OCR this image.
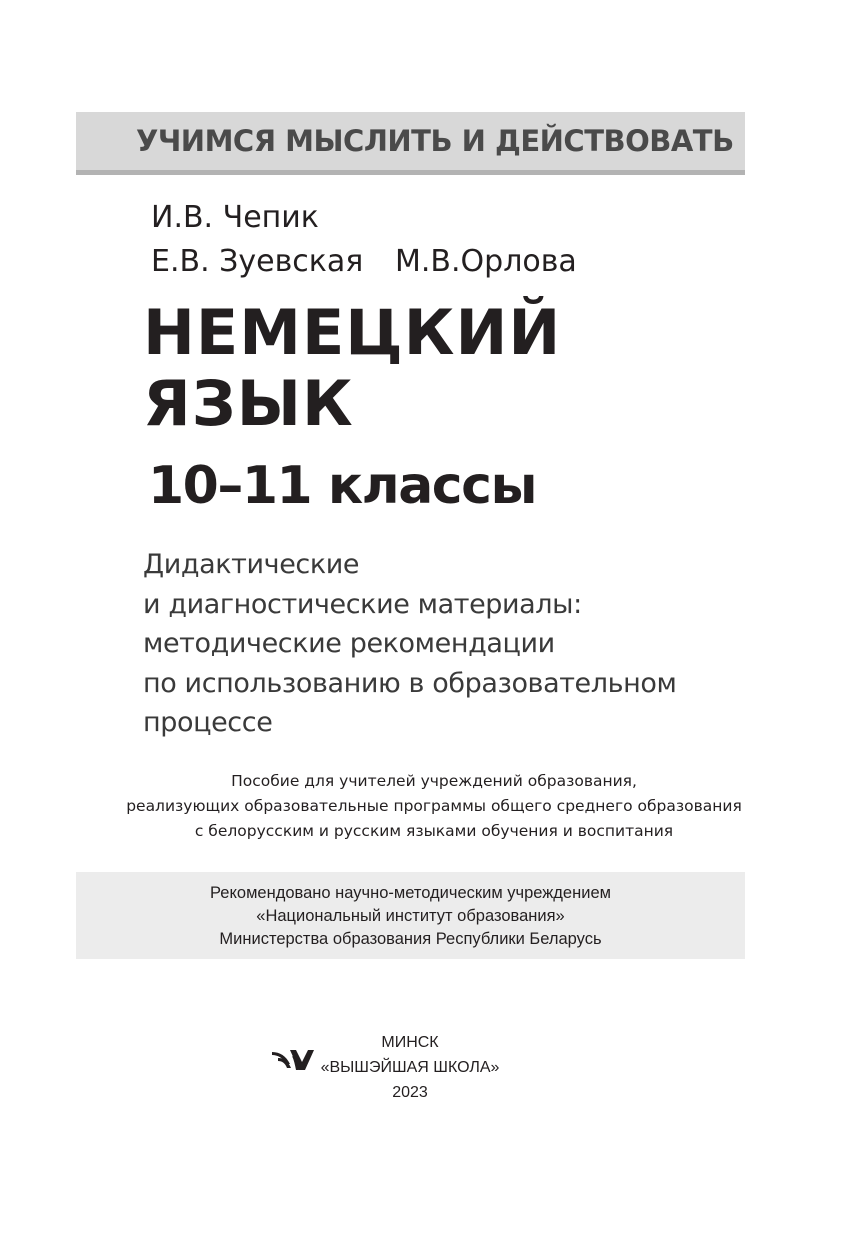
УЧИМСЯ МЫСЛИТЬ И ДЕЙСТВОВАТЬ
И.В. Чепик
Е.В. Зуевская М.В.Орлова
НЕМЕЦКИЙ
ЯЗЫК
10–11 классы
Дидактические
и диагностические материалы:
методические рекомендации
по использованию в образовательном
процессе
Пособие для учителей учреждений образования,
реализующих образовательные программы общего среднего образования
с белорусским и русским языками обучения и воспитания
Рекомендовано научно-методическим учреждением
«Национальный институт образования»
Министерства образования Республики Беларусь
МИНСК
«ВЫШЭЙШАЯ ШКОЛА»
2023
